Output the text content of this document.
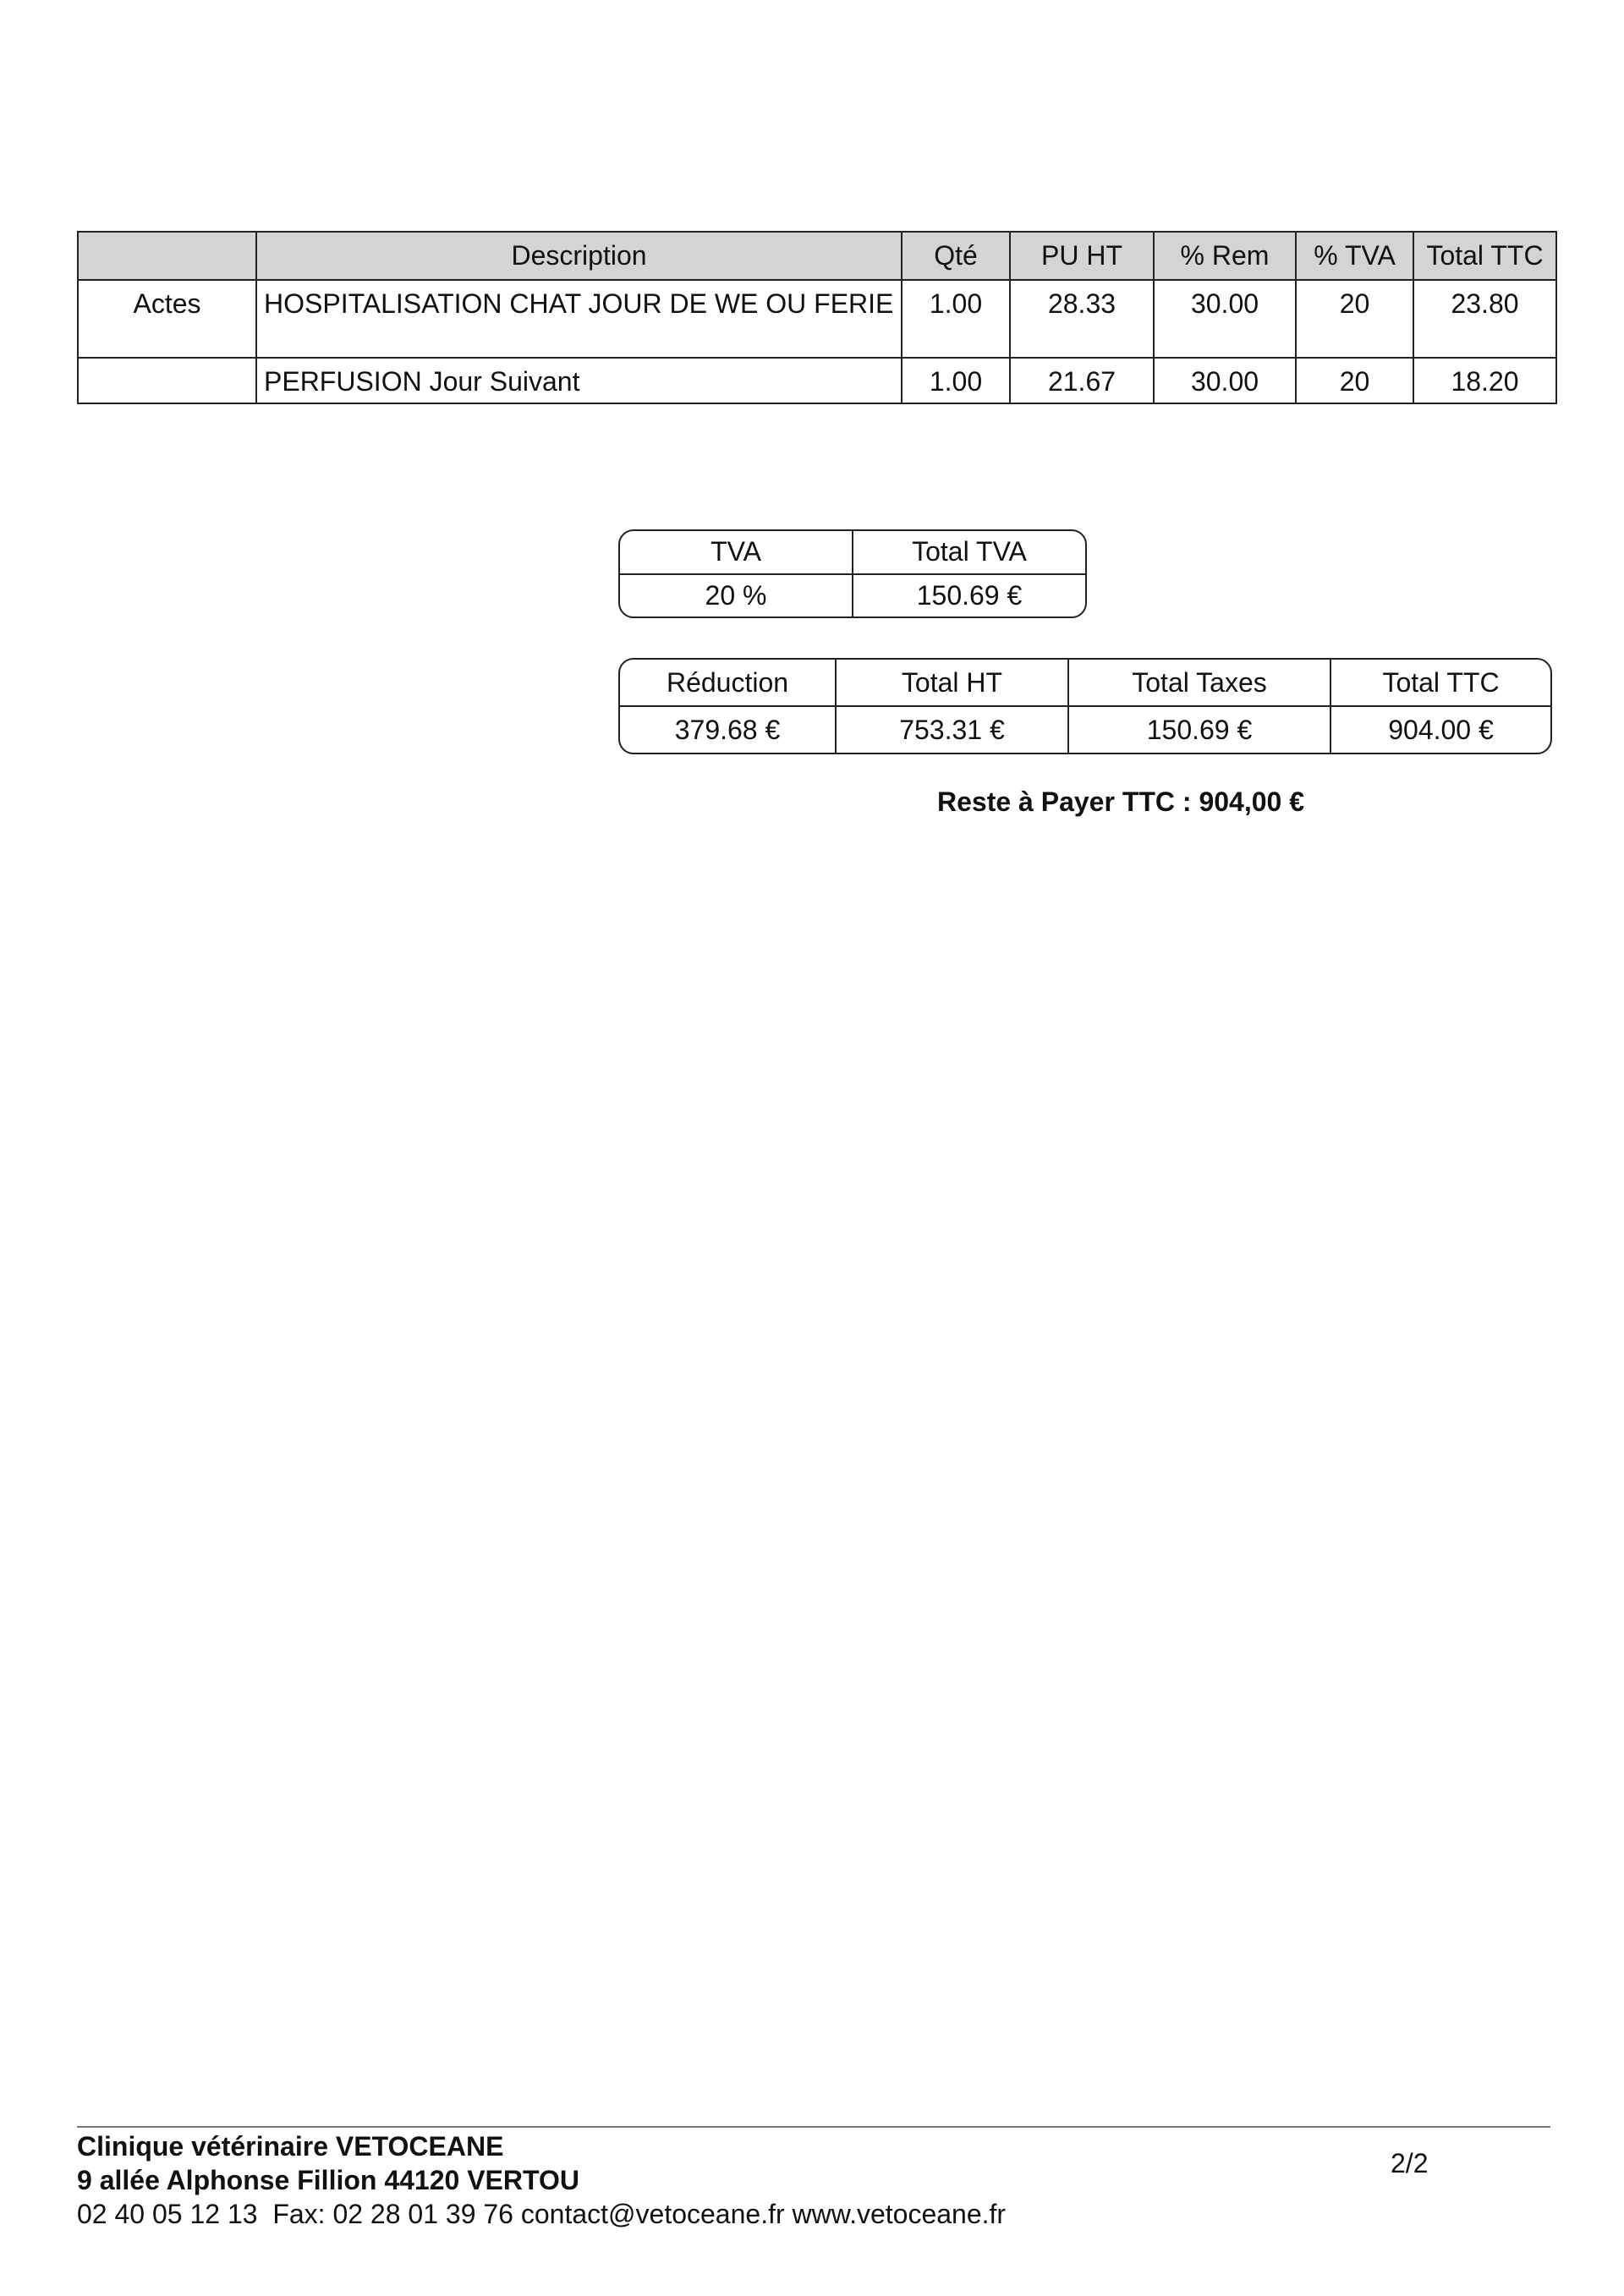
	Description	Qté	PU HT	% Rem	% TVA	Total TTC
Actes	HOSPITALISATION CHAT JOUR DE WE OU FERIE	1.00	28.33	30.00	20	23.80
	PERFUSION Jour Suivant	1.00	21.67	30.00	20	18.20
TVA	Total TVA
20 %	150.69 €
Réduction	Total HT	Total Taxes	Total TTC
379.68 €	753.31 €	150.69 €	904.00 €
Reste à Payer TTC : 904,00 €
Clinique vétérinaire VETOCEANE
9 allée Alphonse Fillion 44120 VERTOU
02 40 05 12 13  Fax: 02 28 01 39 76 contact@vetoceane.fr www.vetoceane.fr
2/2
